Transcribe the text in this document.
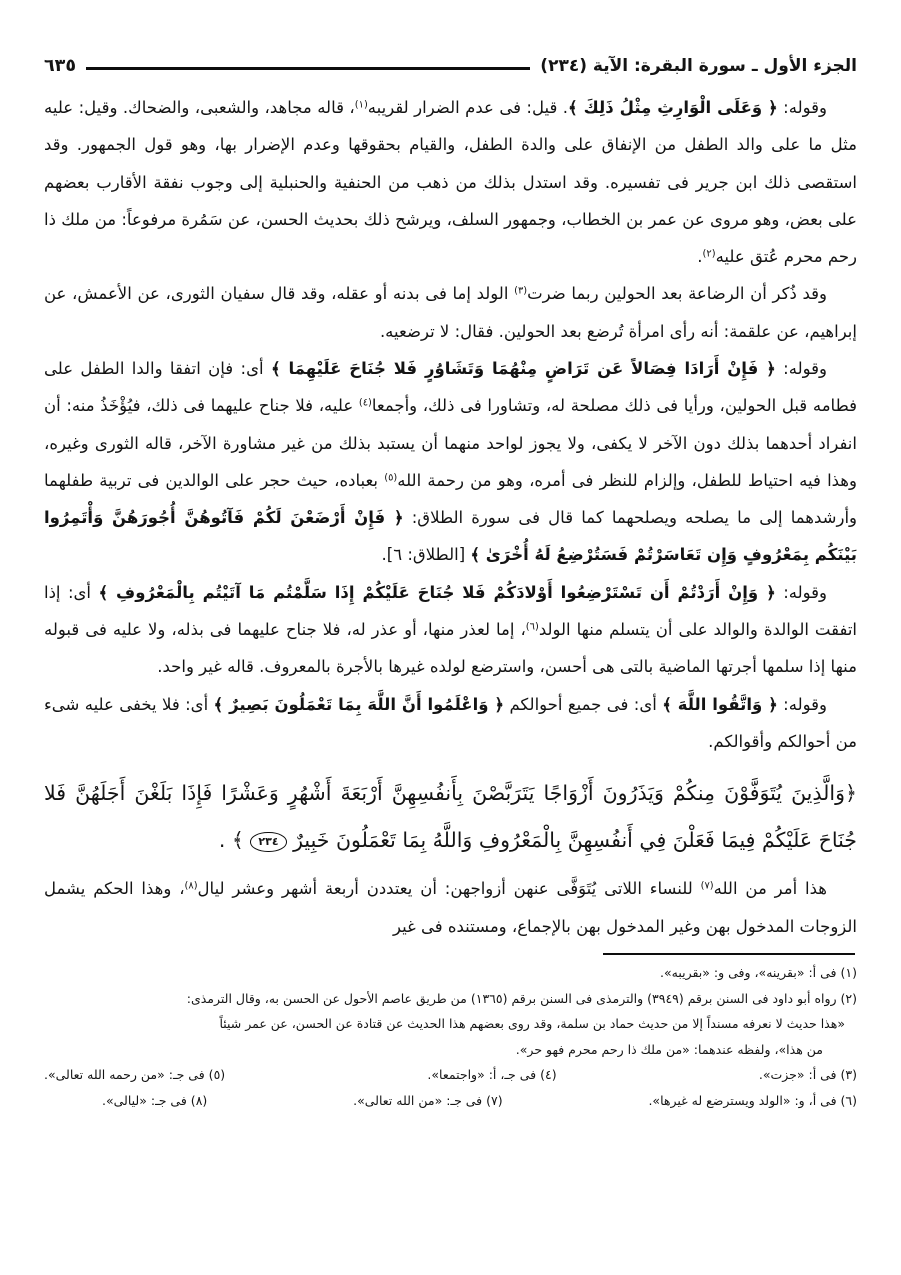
الجزء الأول ـ سورة البقرة: الآية (٢٣٤)
٦٣٥

وقوله: ﴿ وَعَلَى الْوَارِثِ مِثْلُ ذَلِكَ ﴾. قيل: فى عدم الضرار لقريبه$^{(١)}$، قاله مجاهد، والشعبى، والضحاك. وقيل: عليه مثل ما على والد الطفل من الإنفاق على والدة الطفل، والقيام بحقوقها وعدم الإضرار بها، وهو قول الجمهور. وقد استقصى ذلك ابن جرير فى تفسيره. وقد استدل بذلك من ذهب من الحنفية والحنبلية إلى وجوب نفقة الأقارب بعضهم على بعض، وهو مروى عن عمر بن الخطاب، وجمهور السلف، ويرشح ذلك بحديث الحسن، عن سَمُرة مرفوعاً: من ملك ذا رحم محرم عُتق عليه$^{(٢)}$.

وقد ذُكر أن الرضاعة بعد الحولين ربما ضرت$^{(٣)}$ الولد إما فى بدنه أو عقله، وقد قال سفيان الثورى، عن الأعمش، عن إبراهيم، عن علقمة: أنه رأى امرأة تُرضع بعد الحولين. فقال: لا ترضعيه.

وقوله: ﴿ فَإِنْ أَرَادَا فِصَالاً عَن تَرَاضٍ مِنْهُمَا وَتَشَاوُرٍ فَلا جُنَاحَ عَلَيْهِمَا ﴾ أى: فإن اتفقا والدا الطفل على فطامه قبل الحولين، ورأيا فى ذلك مصلحة له، وتشاورا فى ذلك، وأجمعا$^{(٤)}$ عليه، فلا جناح عليهما فى ذلك، فيُؤْخَذُ منه: أن انفراد أحدهما بذلك دون الآخر لا يكفى، ولا يجوز لواحد منهما أن يستبد بذلك من غير مشاورة الآخر، قاله الثورى وغيره، وهذا فيه احتياط للطفل، وإلزام للنظر فى أمره، وهو من رحمة الله$^{(٥)}$ بعباده، حيث حجر على الوالدين فى تربية طفلهما وأرشدهما إلى ما يصلحه ويصلحهما كما قال فى سورة الطلاق: ﴿ فَإِنْ أَرْضَعْنَ لَكُمْ فَآتُوهُنَّ أُجُورَهُنَّ وَأْتَمِرُوا بَيْنَكُم بِمَعْرُوفٍ وَإِن تَعَاسَرْتُمْ فَسَتُرْضِعُ لَهُ أُخْرَىٰ ﴾ [الطلاق: ٦].

وقوله: ﴿ وَإِنْ أَرَدْتُمْ أَن تَسْتَرْضِعُوا أَوْلادَكُمْ فَلا جُنَاحَ عَلَيْكُمْ إِذَا سَلَّمْتُم مَا آتَيْتُم بِالْمَعْرُوفِ ﴾ أى: إذا اتفقت الوالدة والوالد على أن يتسلم منها الولد$^{(٦)}$، إما لعذر منها، أو عذر له، فلا جناح عليهما فى بذله، ولا عليه فى قبوله منها إذا سلمها أجرتها الماضية بالتى هى أحسن، واسترضع لولده غيرها بالأجرة بالمعروف. قاله غير واحد.

وقوله: ﴿ وَاتَّقُوا اللَّهَ ﴾ أى: فى جميع أحوالكم ﴿ وَاعْلَمُوا أَنَّ اللَّهَ بِمَا تَعْمَلُونَ بَصِيرٌ ﴾ أى: فلا يخفى عليه شىء من أحوالكم وأقوالكم.

﴿وَالَّذِينَ يُتَوَفَّوْنَ مِنكُمْ وَيَذَرُونَ أَزْوَاجًا يَتَرَبَّصْنَ بِأَنفُسِهِنَّ أَرْبَعَةَ أَشْهُرٍ وَعَشْرًا فَإِذَا بَلَغْنَ أَجَلَهُنَّ فَلا جُنَاحَ عَلَيْكُمْ فِيمَا فَعَلْنَ فِي أَنفُسِهِنَّ بِالْمَعْرُوفِ وَاللَّهُ بِمَا تَعْمَلُونَ خَبِيرٌ ٢٣٤ ﴾ .

هذا أمر من الله$^{(٧)}$ للنساء اللاتى يُتَوَفَّى عنهن أزواجهن: أن يعتددن أربعة أشهر وعشر ليال$^{(٨)}$، وهذا الحكم يشمل الزوجات المدخول بهن وغير المدخول بهن بالإجماع، ومستنده فى غير

(١) فى أ: «بقرينه»، وفى و: «بقريبه».

(٢) رواه أبو داود فى السنن برقم (٣٩٤٩) والترمذى فى السنن برقم (١٣٦٥) من طريق عاصم الأحول عن الحسن به، وقال الترمذى:

«هذا حديث لا نعرفه مسنداً إلا من حديث حماد بن سلمة، وقد روى بعضهم هذا الحديث عن قتادة عن الحسن، عن عمر شيئاً

من هذا»، ولفظه عندهما: «من ملك ذا رحم محرم فهو حر».

(٣) فى أ: «جزت».
(٤) فى جـ، أ: «واجتمعا».
(٥) فى جـ: «من رحمه الله تعالى».
(٦) فى أ، و: «الولد ويسترضع له غيرها».
(٧) فى جـ: «من الله تعالى».
(٨) فى جـ: «ليالى».
